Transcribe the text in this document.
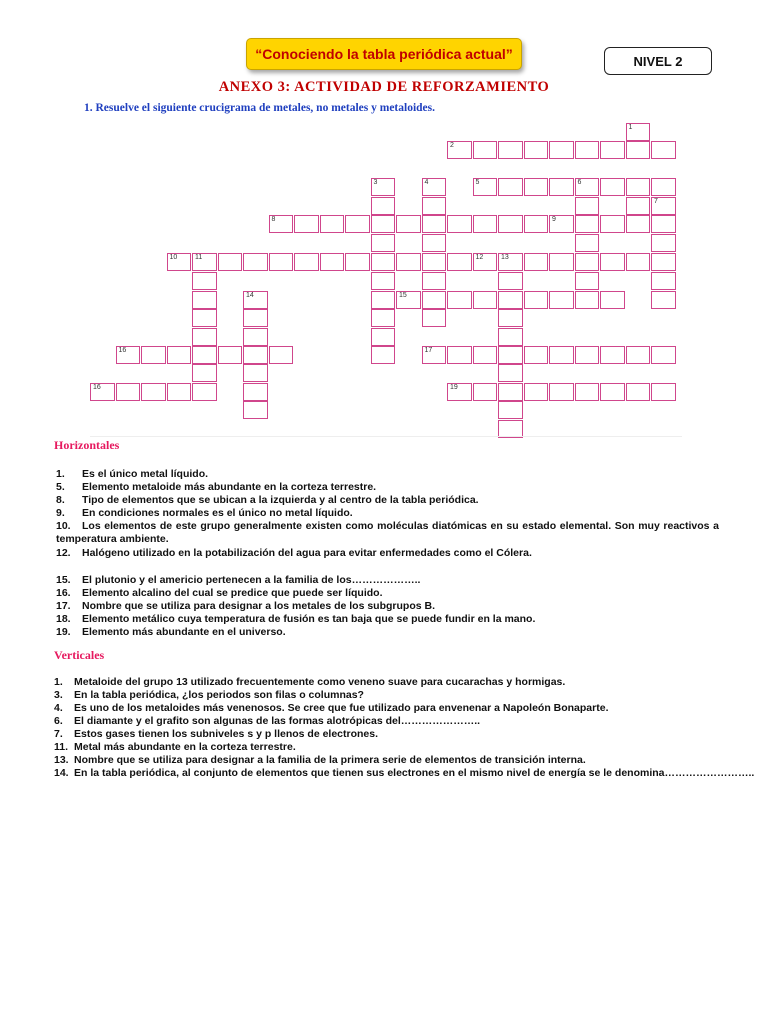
“Conociendo la tabla periódica actual”	NIVEL 2
ANEXO 3: ACTIVIDAD DE REFORZAMIENTO
1. Resuelve el siguiente crucigrama de metales, no metales y metaloides.
1
2
3	4	5	6
7
8	9
10	11	12	13
14	15
16	17
16	19
Horizontales
1. Es el único metal líquido.
5. Elemento metaloide más abundante en la corteza terrestre.
8. Tipo de elementos que se ubican a la izquierda y al centro de la tabla periódica.
9. En condiciones normales es el único no metal líquido.
10. Los elementos de este grupo generalmente existen como moléculas diatómicas en su estado elemental. Son muy reactivos a temperatura ambiente.
12. Halógeno utilizado en la potabilización del agua para evitar enfermedades como el Cólera.
15. El plutonio y el americio pertenecen a la familia de los………………..
16. Elemento alcalino del cual se predice que puede ser líquido.
17. Nombre que se utiliza para designar a los metales de los subgrupos B.
18. Elemento metálico cuya temperatura de fusión es tan baja que se puede fundir en la mano.
19. Elemento más abundante en el universo.
Verticales
1. Metaloide del grupo 13 utilizado frecuentemente como veneno suave para cucarachas y hormigas.
3. En la tabla periódica, ¿los periodos son filas o columnas?
4. Es uno de los metaloides más venenosos. Se cree que fue utilizado para envenenar a Napoleón Bonaparte.
6. El diamante y el grafito son algunas de las formas alotrópicas del…………………..
7. Estos gases tienen los subniveles s y p llenos de electrones.
11. Metal más abundante en la corteza terrestre.
13. Nombre que se utiliza para designar a la familia de la primera serie de elementos de transición interna.
14. En la tabla periódica, al conjunto de elementos que tienen sus electrones en el mismo nivel de energía se le denomina……………………..
